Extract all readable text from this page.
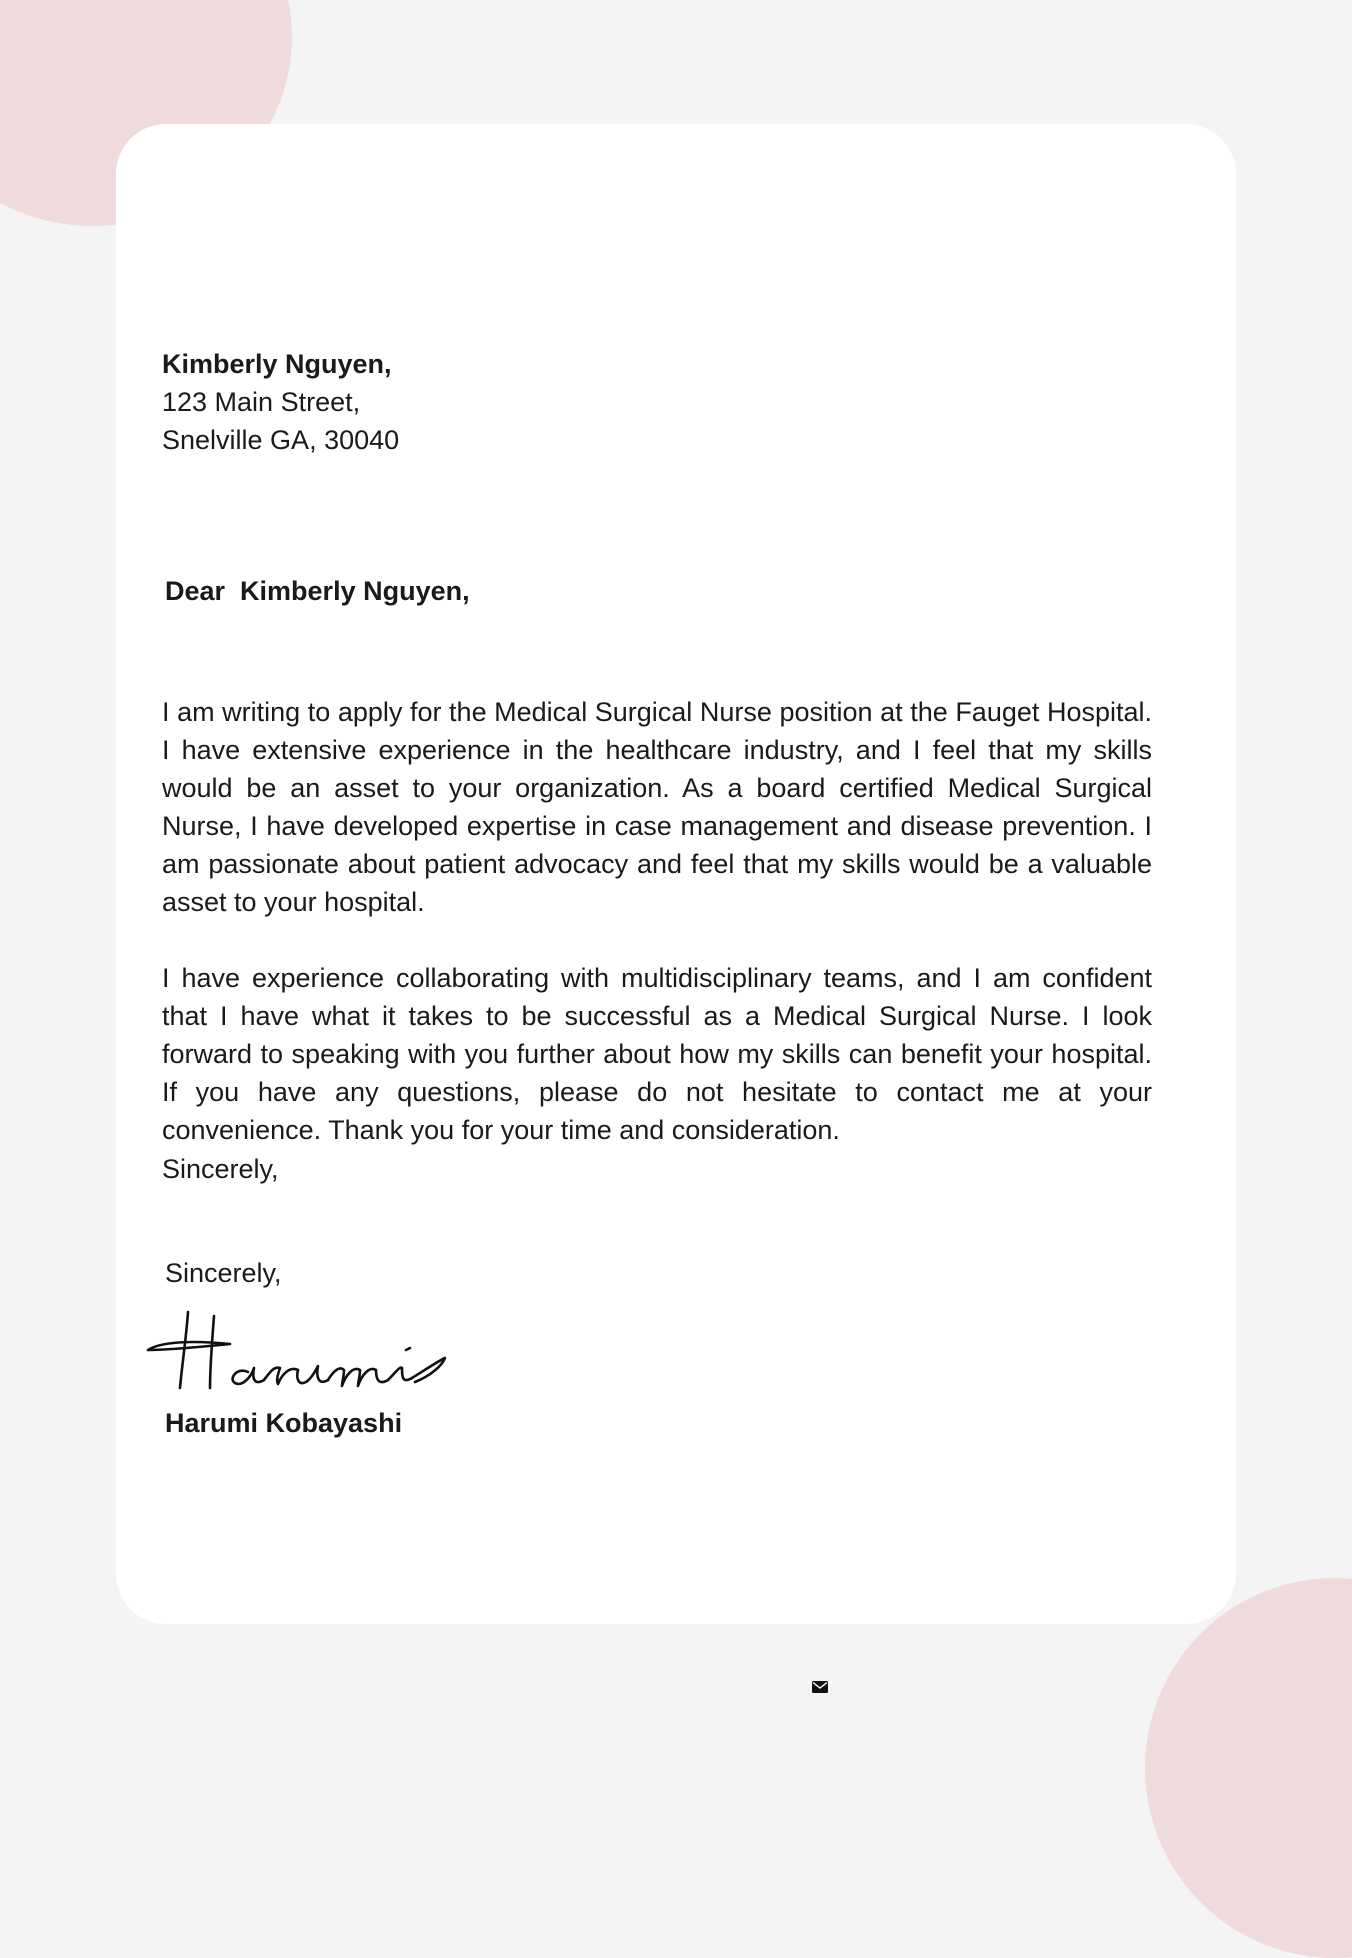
Kimberly Nguyen,
123 Main Street,
Snelville GA, 30040
Dear  Kimberly Nguyen,

I am writing to apply for the Medical Surgical Nurse position at the Fauget Hospital. I have extensive experience in the healthcare industry, and I feel that my skills would be an asset to your organization. As a board certified Medical Surgical Nurse, I have developed expertise in case management and disease prevention. I am passionate about patient advocacy and feel that my skills would be a valuable asset to your hospital.

I have experience collaborating with multidisciplinary teams, and I am confident that I have what it takes to be successful as a Medical Surgical Nurse. I look forward to speaking with you further about how my skills can benefit your hospital. If you have any questions, please do not hesitate to contact me at your convenience. Thank you for your time and consideration.

Sincerely,
Sincerely,
Harumi Kobayashi
